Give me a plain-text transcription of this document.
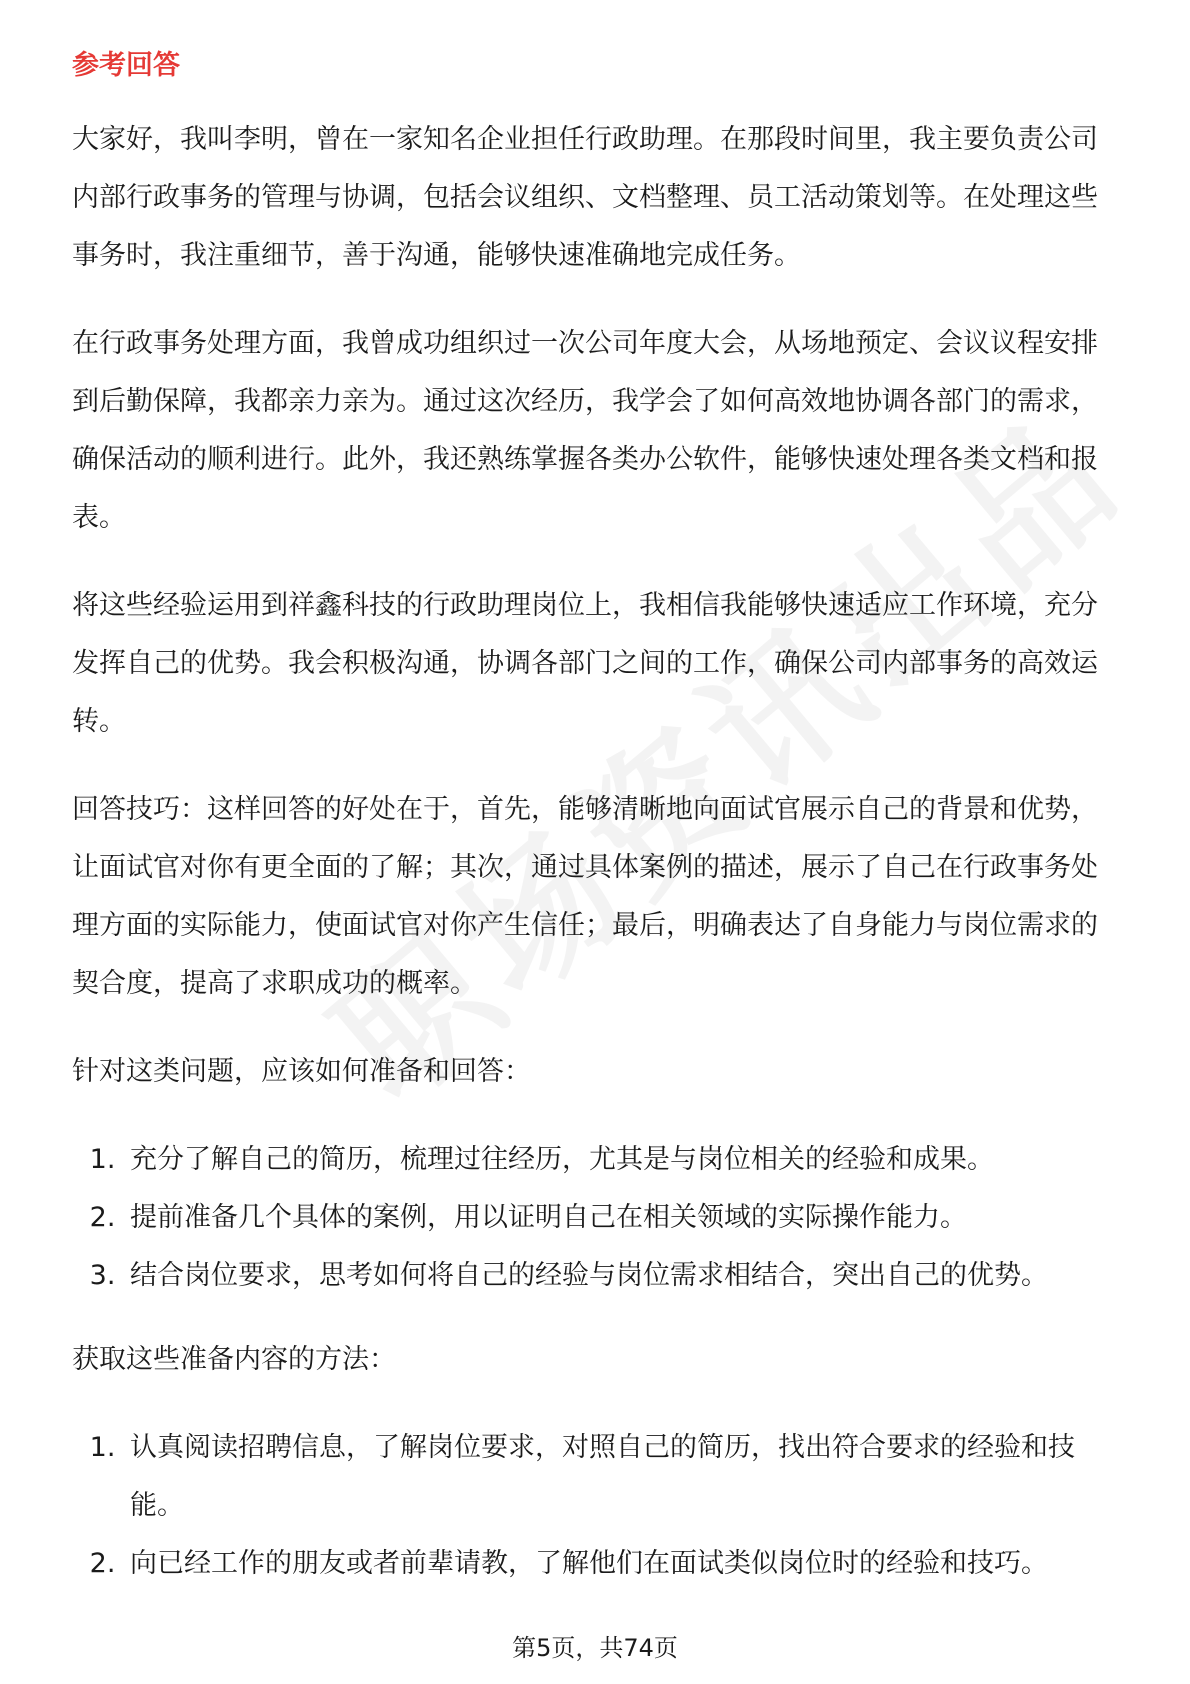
参考回答

大家好，我叫李明，曾在一家知名企业担任行政助理。在那段时间里，我主要负责公司内部行政事务的管理与协调，包括会议组织、文档整理、员工活动策划等。在处理这些事务时，我注重细节，善于沟通，能够快速准确地完成任务。

在行政事务处理方面，我曾成功组织过一次公司年度大会，从场地预定、会议议程安排到后勤保障，我都亲力亲为。通过这次经历，我学会了如何高效地协调各部门的需求，确保活动的顺利进行。此外，我还熟练掌握各类办公软件，能够快速处理各类文档和报表。

将这些经验运用到祥鑫科技的行政助理岗位上，我相信我能够快速适应工作环境，充分发挥自己的优势。我会积极沟通，协调各部门之间的工作，确保公司内部事务的高效运转。

回答技巧：这样回答的好处在于，首先，能够清晰地向面试官展示自己的背景和优势，让面试官对你有更全面的了解；其次，通过具体案例的描述，展示了自己在行政事务处理方面的实际能力，使面试官对你产生信任；最后，明确表达了自身能力与岗位需求的契合度，提高了求职成功的概率。

针对这类问题，应该如何准备和回答：

1. 充分了解自己的简历，梳理过往经历，尤其是与岗位相关的经验和成果。
2. 提前准备几个具体的案例，用以证明自己在相关领域的实际操作能力。
3. 结合岗位要求，思考如何将自己的经验与岗位需求相结合，突出自己的优势。

获取这些准备内容的方法：

1. 认真阅读招聘信息，了解岗位要求，对照自己的简历，找出符合要求的经验和技能。
2. 向已经工作的朋友或者前辈请教，了解他们在面试类似岗位时的经验和技巧。
第5页，共74页
